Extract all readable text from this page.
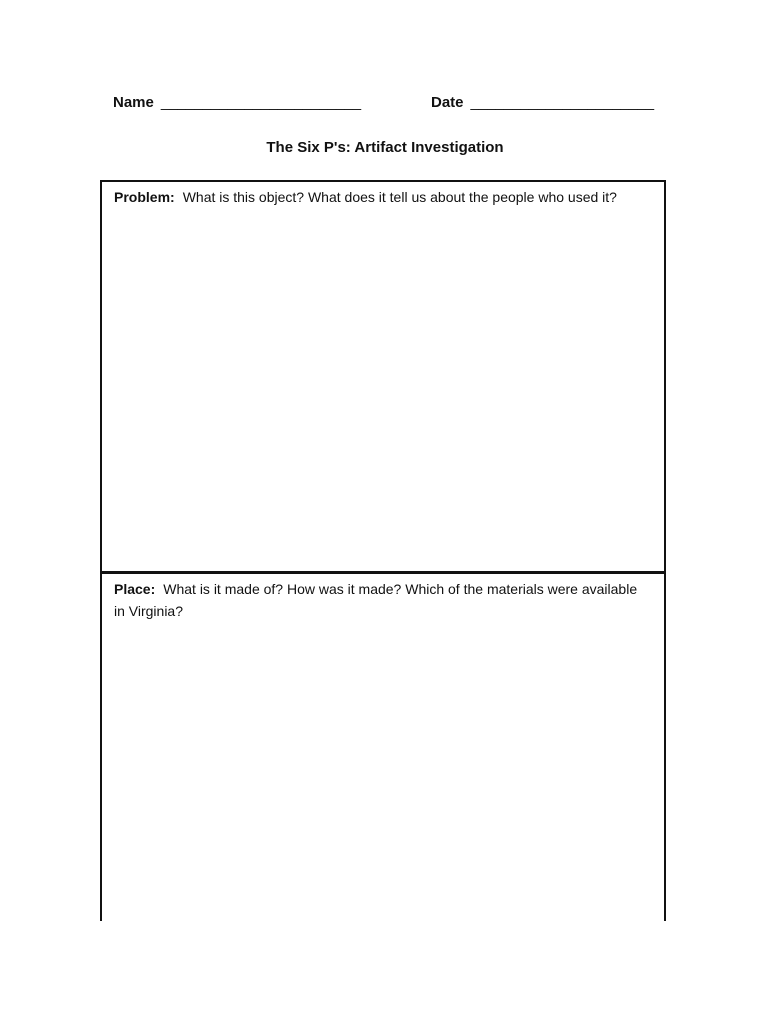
Name ________________________	Date ______________________
The Six P's: Artifact Investigation
Problem: What is this object? What does it tell us about the people who used it?
Place: What is it made of? How was it made? Which of the materials were available in Virginia?
